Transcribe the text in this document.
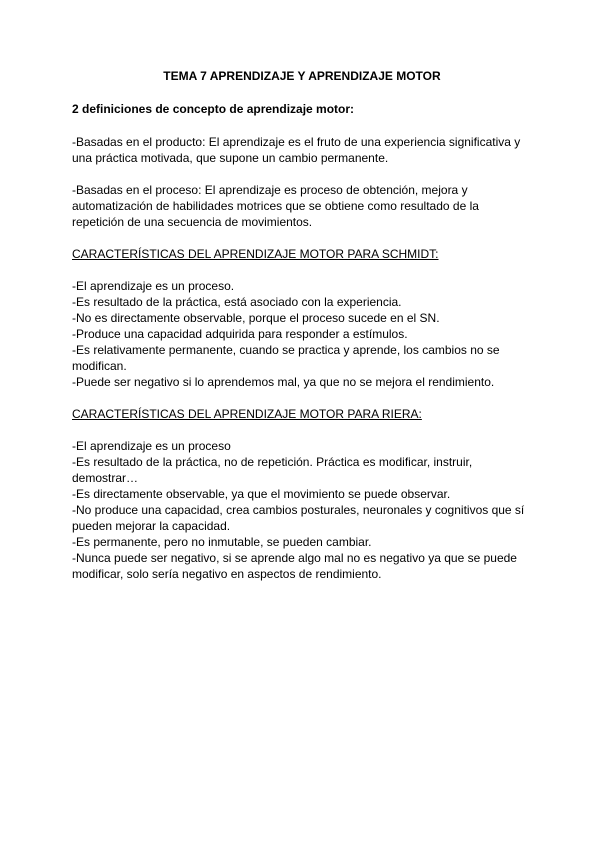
TEMA 7 APRENDIZAJE Y APRENDIZAJE MOTOR
2 definiciones de concepto de aprendizaje motor:

-Basadas en el producto: El aprendizaje es el fruto de una experiencia significativa y una práctica motivada, que supone un cambio permanente.

-Basadas en el proceso: El aprendizaje es proceso de obtención, mejora y automatización de habilidades motrices que se obtiene como resultado de la repetición de una secuencia de movimientos.

CARACTERÍSTICAS DEL APRENDIZAJE MOTOR PARA SCHMIDT:
-El aprendizaje es un proceso.
-Es resultado de la práctica, está asociado con la experiencia.
-No es directamente observable, porque el proceso sucede en el SN.
-Produce una capacidad adquirida para responder a estímulos.
-Es relativamente permanente, cuando se practica y aprende, los cambios no se modifican.
-Puede ser negativo si lo aprendemos mal, ya que no se mejora el rendimiento.
CARACTERÍSTICAS DEL APRENDIZAJE MOTOR PARA RIERA:
-El aprendizaje es un proceso
-Es resultado de la práctica, no de repetición. Práctica es modificar, instruir, demostrar…
-Es directamente observable, ya que el movimiento se puede observar.
-No produce una capacidad, crea cambios posturales, neuronales y cognitivos que sí pueden mejorar la capacidad.
-Es permanente, pero no inmutable, se pueden cambiar.
-Nunca puede ser negativo, si se aprende algo mal no es negativo ya que se puede modificar, solo sería negativo en aspectos de rendimiento.
